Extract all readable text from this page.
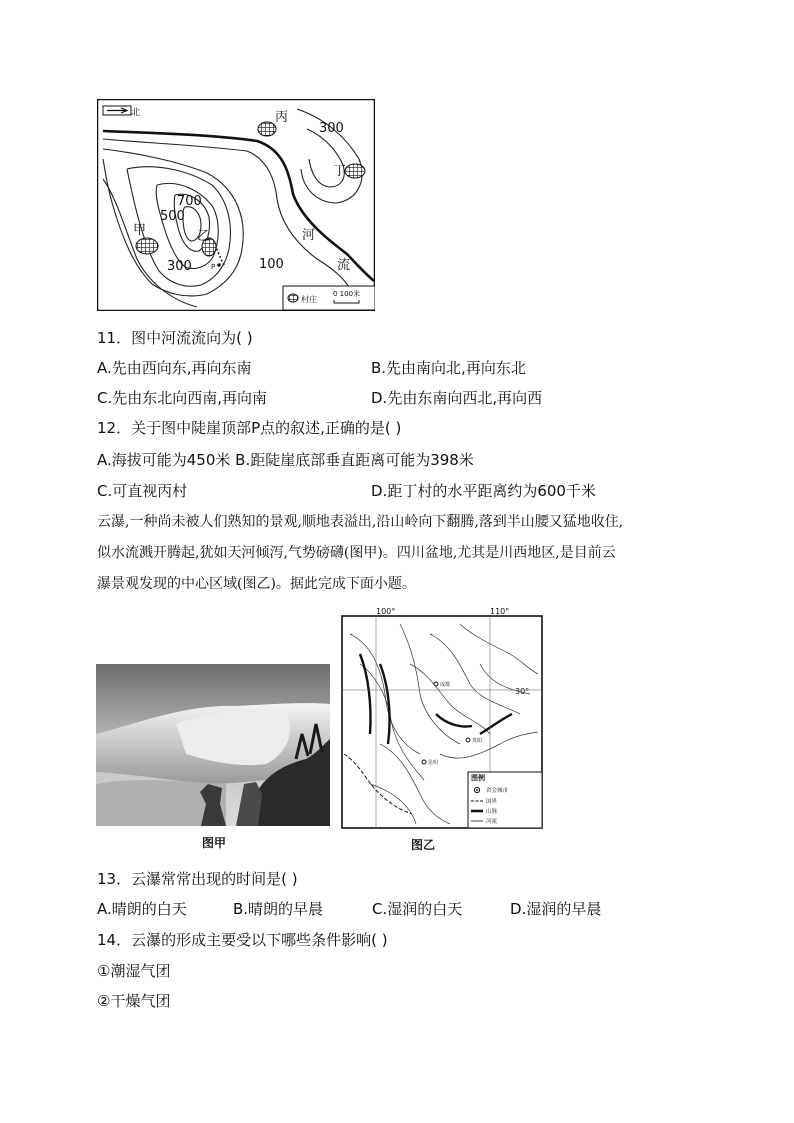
北	丙
300
丁
700
500
甲	乙
P
300	100
河
流
村庄
0 100米
11．图中河流流向为( )
A.先由西向东,再向东南	B.先由南向北,再向东北
C.先由东北向西南,再向南	D.先由东南向西北,再向西
12．关于图中陡崖顶部P点的叙述,正确的是( )
A.海拔可能为450米 B.距陡崖底部垂直距离可能为398米
C.可直视丙村	D.距丁村的水平距离约为600千米
云瀑,一种尚未被人们熟知的景观,顺地表溢出,沿山岭向下翻腾,落到半山腰又猛地收住,
似水流溅开腾起,犹如天河倾泻,气势磅礴(图甲)。四川盆地,尤其是川西地区,是目前云
瀑景观发现的中心区域(图乙)。据此完成下面小题。
图甲
100°	110°
30°
成都
昆明
贵阳
图例
省会城市
国界
山脉
河流
图乙
13．云瀑常常出现的时间是( )
A.晴朗的白天	B.晴朗的早晨	C.湿润的白天	D.湿润的早晨
14．云瀑的形成主要受以下哪些条件影响( )
①潮湿气团
②干燥气团
